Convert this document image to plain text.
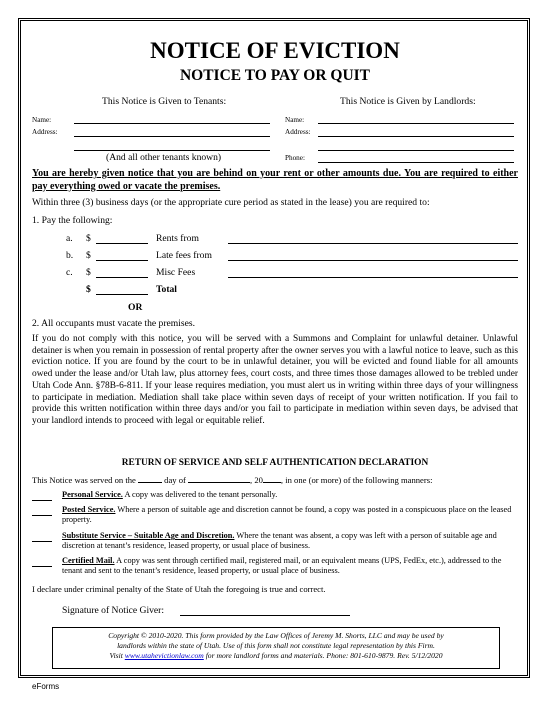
NOTICE OF EVICTION
NOTICE TO PAY OR QUIT
This Notice is Given to Tenants:	This Notice is Given by Landlords:
Name:	Name:
Address:	Address:
(And all other tenants known)	Phone:
You are hereby given notice that you are behind on your rent or other amounts due. You are required to either pay everything owed or vacate the premises.
Within three (3) business days (or the appropriate cure period as stated in the lease) you are required to:
1. Pay the following:
a. $	Rents from
b. $	Late fees from
c. $	Misc Fees
$	Total
OR
2. All occupants must vacate the premises.
If you do not comply with this notice, you will be served with a Summons and Complaint for unlawful detainer. Unlawful detainer is when you remain in possession of rental property after the owner serves you with a lawful notice to leave, such as this eviction notice. If you are found by the court to be in unlawful detainer, you will be evicted and found liable for all amounts owed under the lease and/or Utah law, plus attorney fees, court costs, and three times those damages allowed to be trebled under Utah Code Ann. §78B-6-811. If your lease requires mediation, you must alert us in writing within three days of your willingness to participate in mediation. Mediation shall take place within seven days of receipt of your written notification. If you fail to provide this written notification within three days and/or you fail to participate in mediation within seven days, be advised that your landlord intends to proceed with legal or equitable relief.
RETURN OF SERVICE AND SELF AUTHENTICATION DECLARATION
This Notice was served on the	day of	, 20 , in one (or more) of the following manners:
Personal Service. A copy was delivered to the tenant personally.
Posted Service. Where a person of suitable age and discretion cannot be found, a copy was posted in a conspicuous place on the leased property.
Substitute Service – Suitable Age and Discretion. Where the tenant was absent, a copy was left with a person of suitable age and discretion at tenant’s residence, leased property, or usual place of business.
Certified Mail. A copy was sent through certified mail, registered mail, or an equivalent means (UPS, FedEx, etc.), addressed to the tenant and sent to the tenant’s residence, leased property, or usual place of business.
I declare under criminal penalty of the State of Utah the foregoing is true and correct.
Signature of Notice Giver:
Copyright © 2010-2020. This form provided by the Law Offices of Jeremy M. Shorts, LLC and may be used by
landlords within the state of Utah. Use of this form shall not constitute legal representation by this Firm.
Visit www.utahevictionlaw.com for more landlord forms and materials. Phone: 801-610-9879. Rev. 5/12/2020
eForms
